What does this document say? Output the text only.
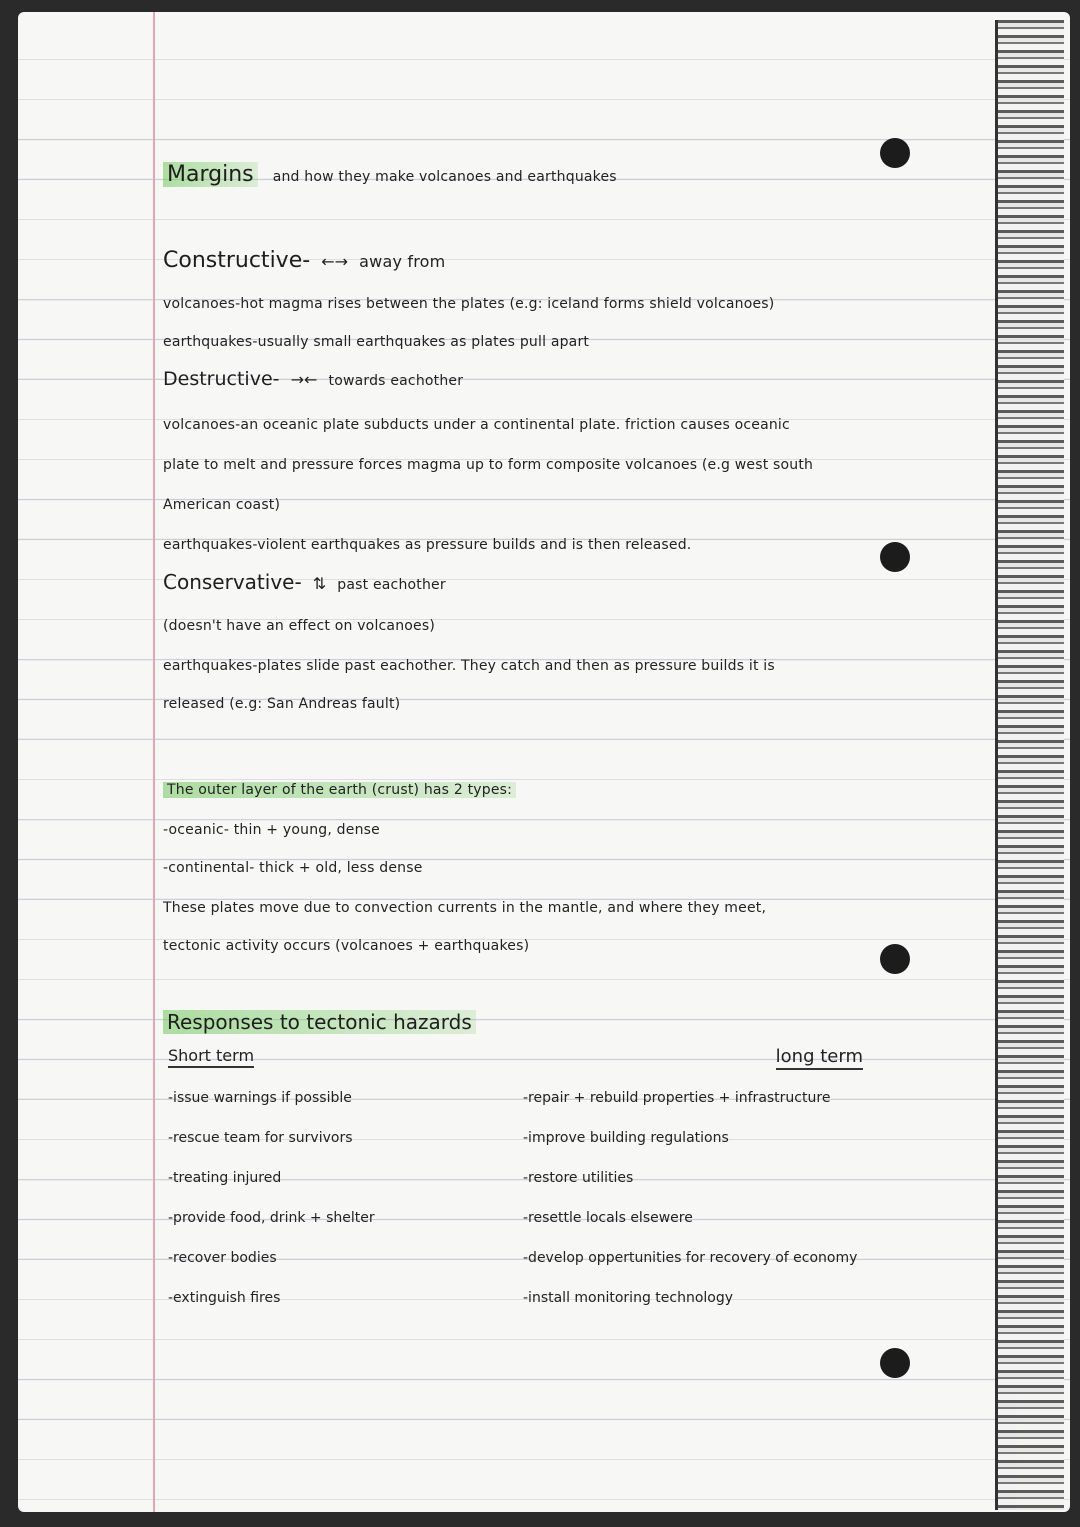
Margins and how they make volcanoes and earthquakes
Constructive- ←→ away from
volcanoes-hot magma rises between the plates (e.g: iceland forms shield volcanoes)
earthquakes-usually small earthquakes as plates pull apart
Destructive- →← towards eachother
volcanoes-an oceanic plate subducts under a continental plate. friction causes oceanic
plate to melt and pressure forces magma up to form composite volcanoes (e.g west south
American coast)
earthquakes-violent earthquakes as pressure builds and is then released.
Conservative- ⇅ past eachother
(doesn't have an effect on volcanoes)
earthquakes-plates slide past eachother. They catch and then as pressure builds it is
released (e.g: San Andreas fault)
The outer layer of the earth (crust) has 2 types:
-oceanic- thin + young, dense
-continental- thick + old, less dense
These plates move due to convection currents in the mantle, and where they meet,
tectonic activity occurs (volcanoes + earthquakes)
Responses to tectonic hazards
Short term	long term
-issue warnings if possible
-rescue team for survivors
-treating injured
-provide food, drink + shelter
-recover bodies
-extinguish fires
-repair + rebuild properties + infrastructure
-improve building regulations
-restore utilities
-resettle locals elsewere
-develop oppertunities for recovery of economy
-install monitoring technology
